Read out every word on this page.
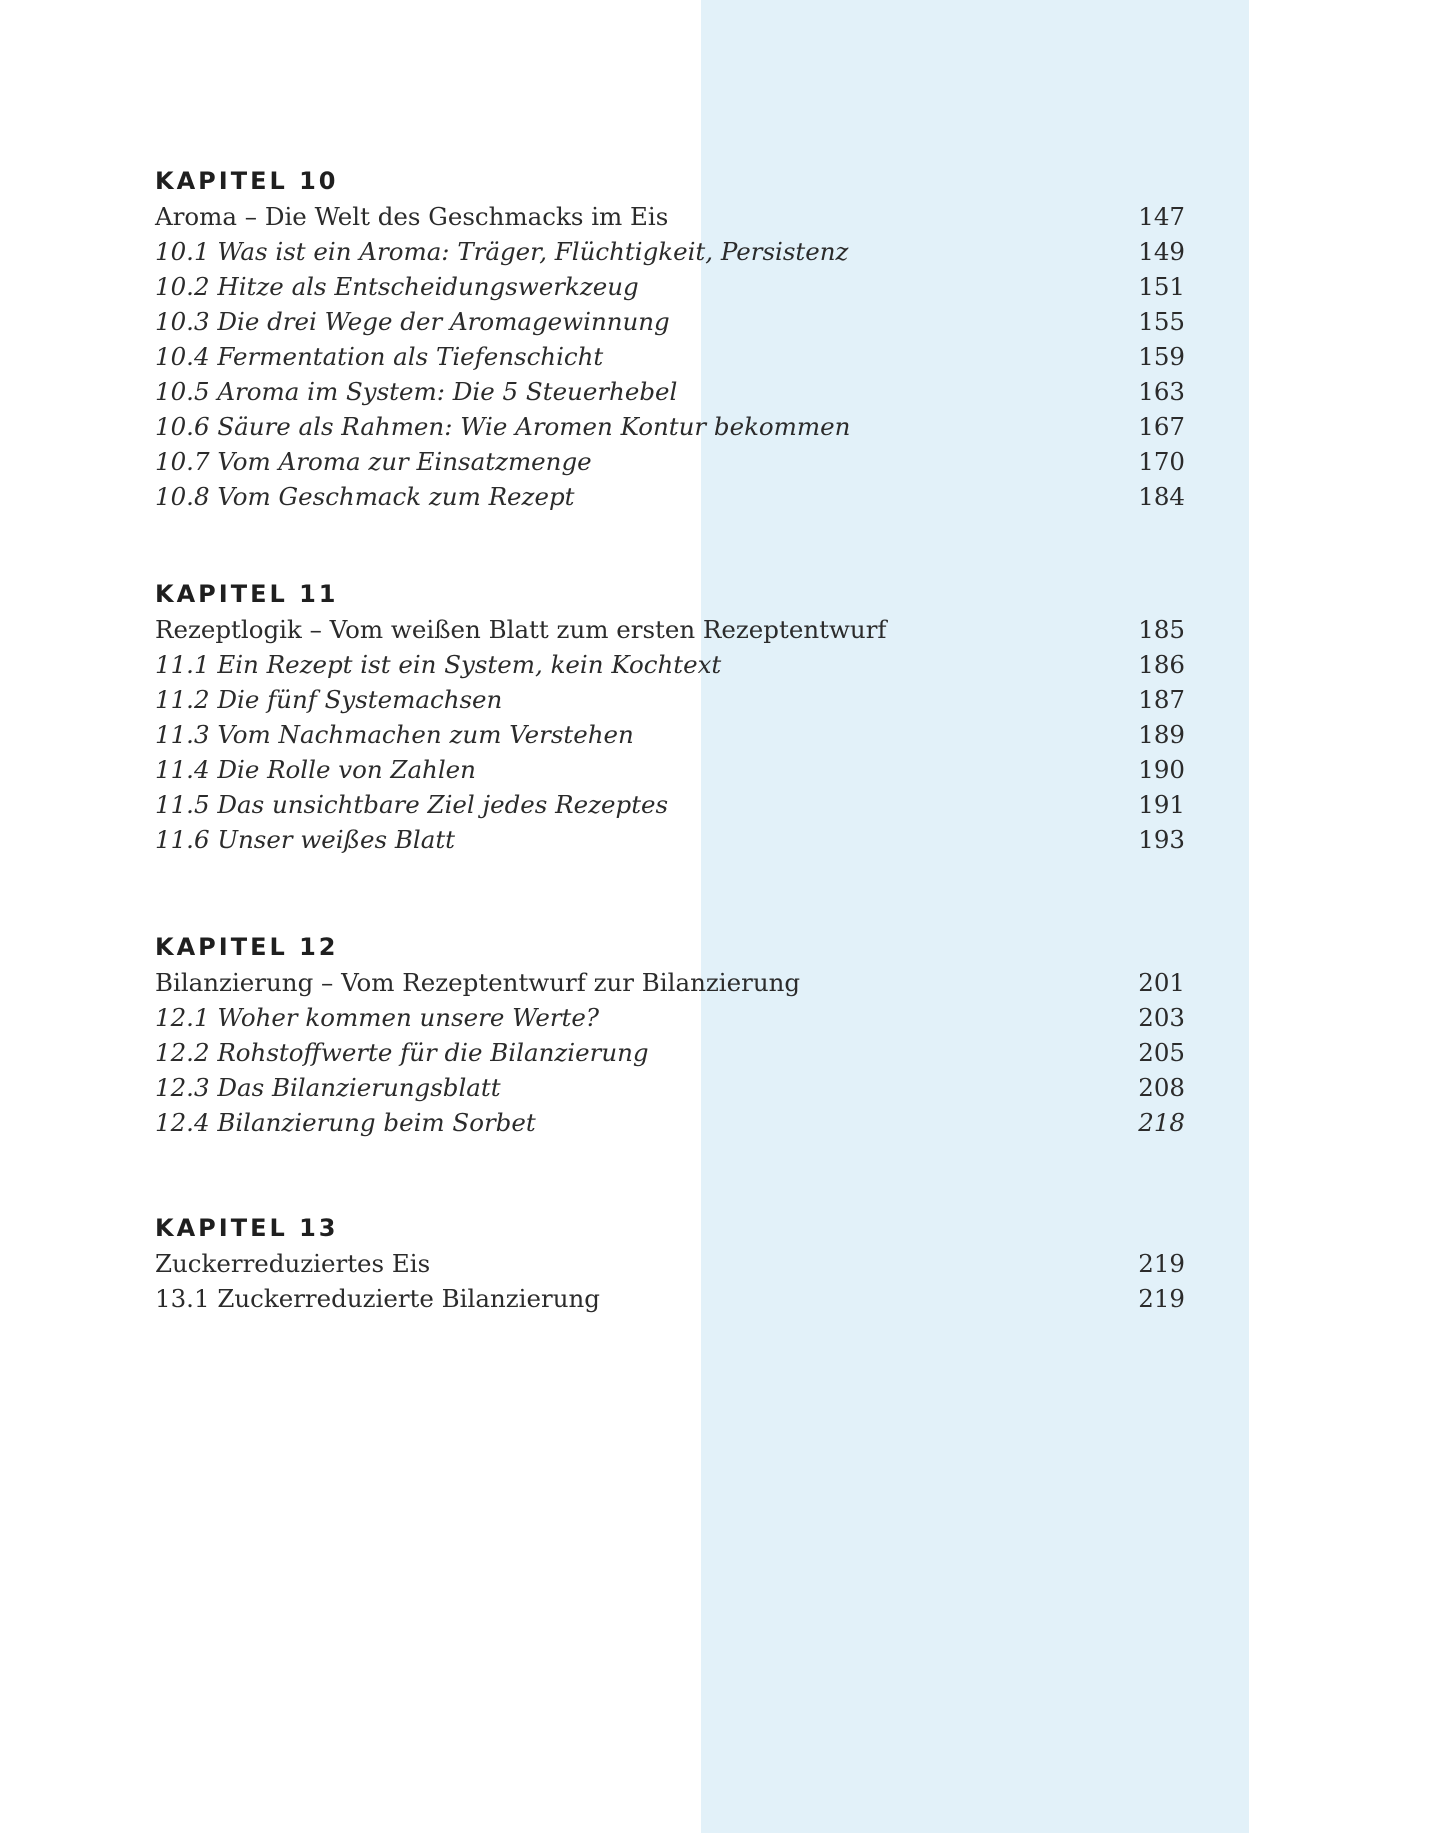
KAPITEL 10
Aroma – Die Welt des Geschmacks im Eis	147
10.1 Was ist ein Aroma: Träger, Flüchtigkeit, Persistenz	149
10.2 Hitze als Entscheidungswerkzeug	151
10.3 Die drei Wege der Aromagewinnung	155
10.4 Fermentation als Tiefenschicht	159
10.5 Aroma im System: Die 5 Steuerhebel	163
10.6 Säure als Rahmen: Wie Aromen Kontur bekommen	167
10.7 Vom Aroma zur Einsatzmenge	170
10.8 Vom Geschmack zum Rezept	184
KAPITEL 11
Rezeptlogik – Vom weißen Blatt zum ersten Rezeptentwurf	185
11.1 Ein Rezept ist ein System, kein Kochtext	186
11.2 Die fünf Systemachsen	187
11.3 Vom Nachmachen zum Verstehen	189
11.4 Die Rolle von Zahlen	190
11.5 Das unsichtbare Ziel jedes Rezeptes	191
11.6 Unser weißes Blatt	193
KAPITEL 12
Bilanzierung – Vom Rezeptentwurf zur Bilanzierung	201
12.1 Woher kommen unsere Werte?	203
12.2 Rohstoffwerte für die Bilanzierung	205
12.3 Das Bilanzierungsblatt	208
12.4 Bilanzierung beim Sorbet	218
KAPITEL 13
Zuckerreduziertes Eis	219
13.1 Zuckerreduzierte Bilanzierung	219
